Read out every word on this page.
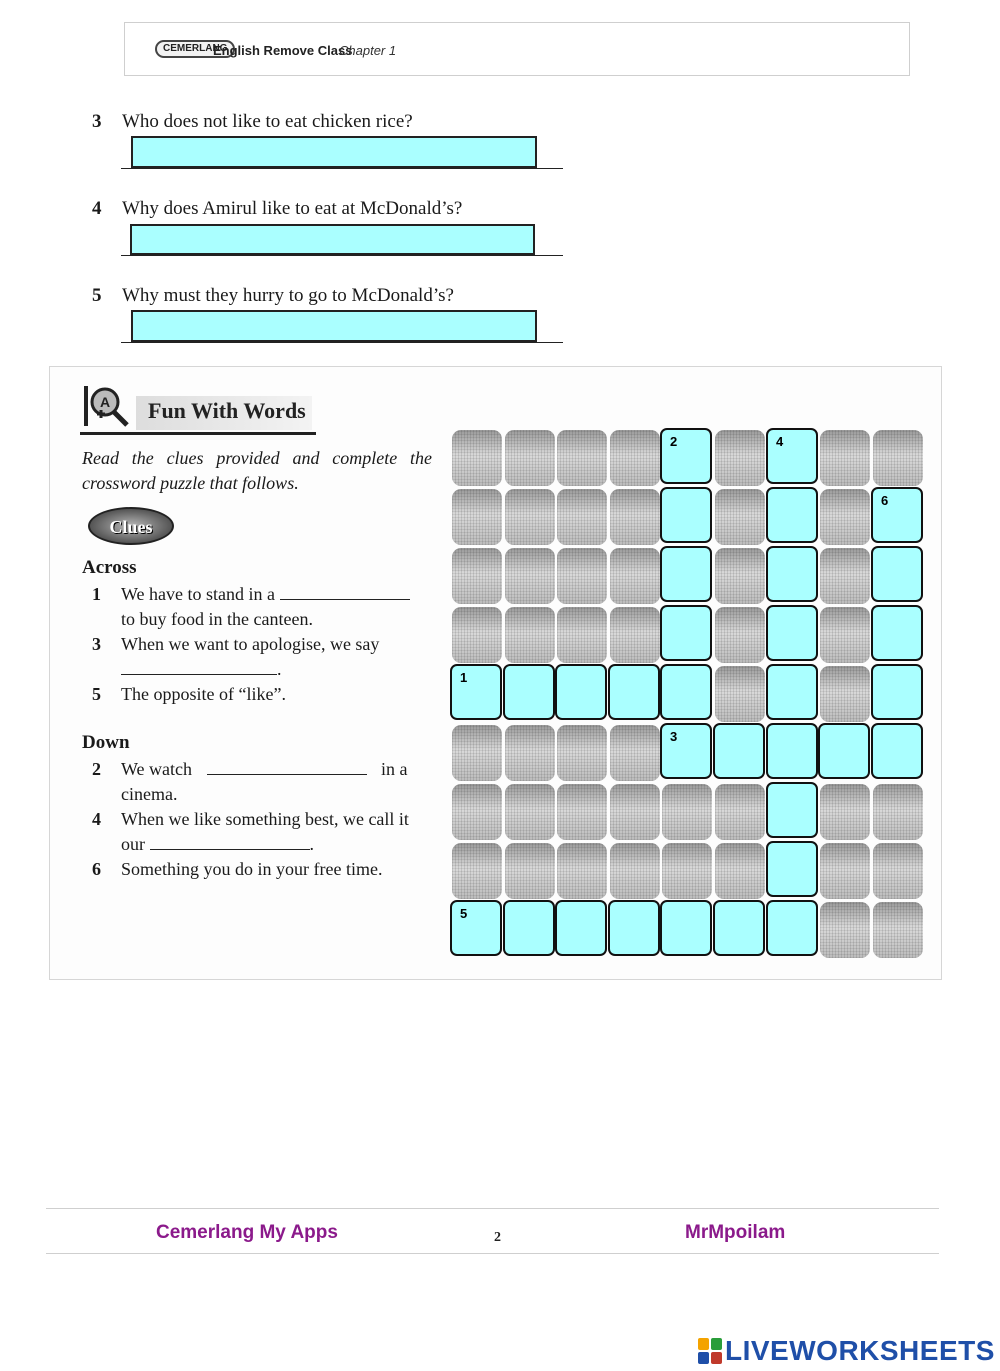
CEMERLANG
English Remove Class
Chapter 1
3 Who does not like to eat chicken rice?
4 Why does Amirul like to eat at McDonald’s?
5 Why must they hurry to go to McDonald’s?
A Fun With Words
Read the clues provided and complete the crossword puzzle that follows.
Clues
Across
1 We have to stand in a
to buy food in the canteen.
3 When we want to apologise, we say
.
5 The opposite of “like”.
Down
2 We watch	in a cinema.
4 When we like something best, we call it our	.
6 Something you do in your free time.
2	4
6
1
3
5
Cemerlang My Apps	2	MrMpoilam
LIVEWORKSHEETS
